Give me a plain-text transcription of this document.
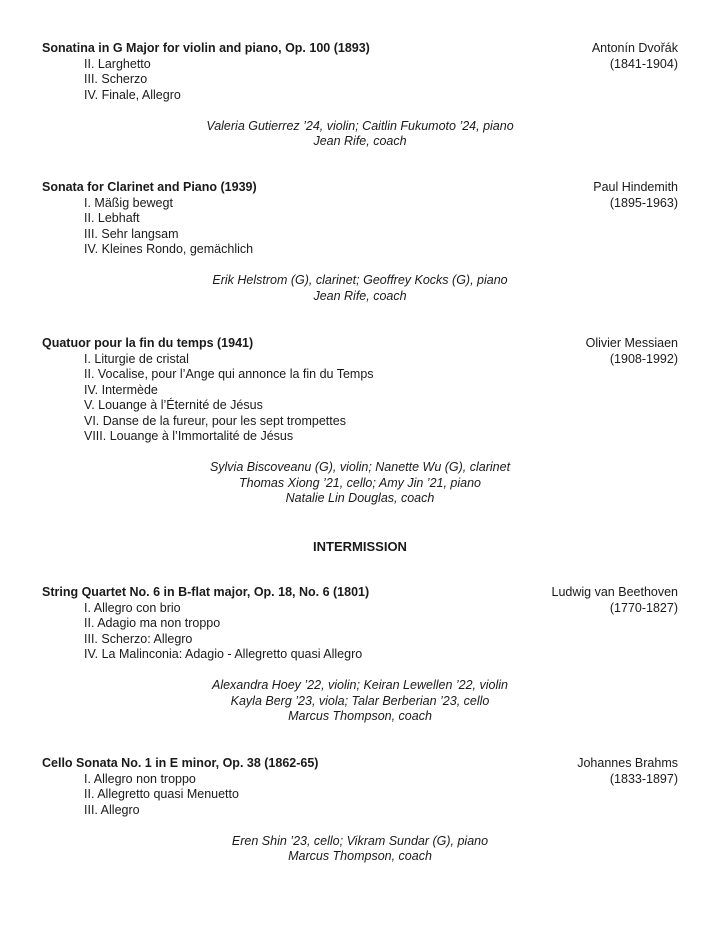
Sonatina in G Major for violin and piano, Op. 100 (1893)	Antonín Dvořák
(1841-1904)
II. Larghetto
III. Scherzo
IV. Finale, Allegro
Valeria Gutierrez ’24, violin; Caitlin Fukumoto ’24, piano
Jean Rife, coach
Sonata for Clarinet and Piano (1939)	Paul Hindemith
(1895-1963)
I. Mäßig bewegt
II. Lebhaft
III. Sehr langsam
IV. Kleines Rondo, gemächlich
Erik Helstrom (G), clarinet; Geoffrey Kocks (G), piano
Jean Rife, coach
Quatuor pour la fin du temps (1941)	Olivier Messiaen
(1908-1992)
I. Liturgie de cristal
II. Vocalise, pour l’Ange qui annonce la fin du Temps
IV. Intermède
V. Louange à l’Éternité de Jésus
VI. Danse de la fureur, pour les sept trompettes
VIII. Louange à l’Immortalité de Jésus
Sylvia Biscoveanu (G), violin; Nanette Wu (G), clarinet
Thomas Xiong ’21, cello; Amy Jin ’21, piano
Natalie Lin Douglas, coach
String Quartet No. 6 in B-flat major, Op. 18, No. 6 (1801)	Ludwig van Beethoven
(1770-1827)
I. Allegro con brio
II. Adagio ma non troppo
III. Scherzo: Allegro
IV. La Malinconia: Adagio - Allegretto quasi Allegro
Alexandra Hoey ’22, violin; Keiran Lewellen ’22, violin
Kayla Berg ’23, viola; Talar Berberian ’23, cello
Marcus Thompson, coach
Cello Sonata No. 1 in E minor, Op. 38 (1862-65)	Johannes Brahms
(1833-1897)
I. Allegro non troppo
II. Allegretto quasi Menuetto
III. Allegro
Eren Shin ’23, cello; Vikram Sundar (G), piano
Marcus Thompson, coach
INTERMISSION
